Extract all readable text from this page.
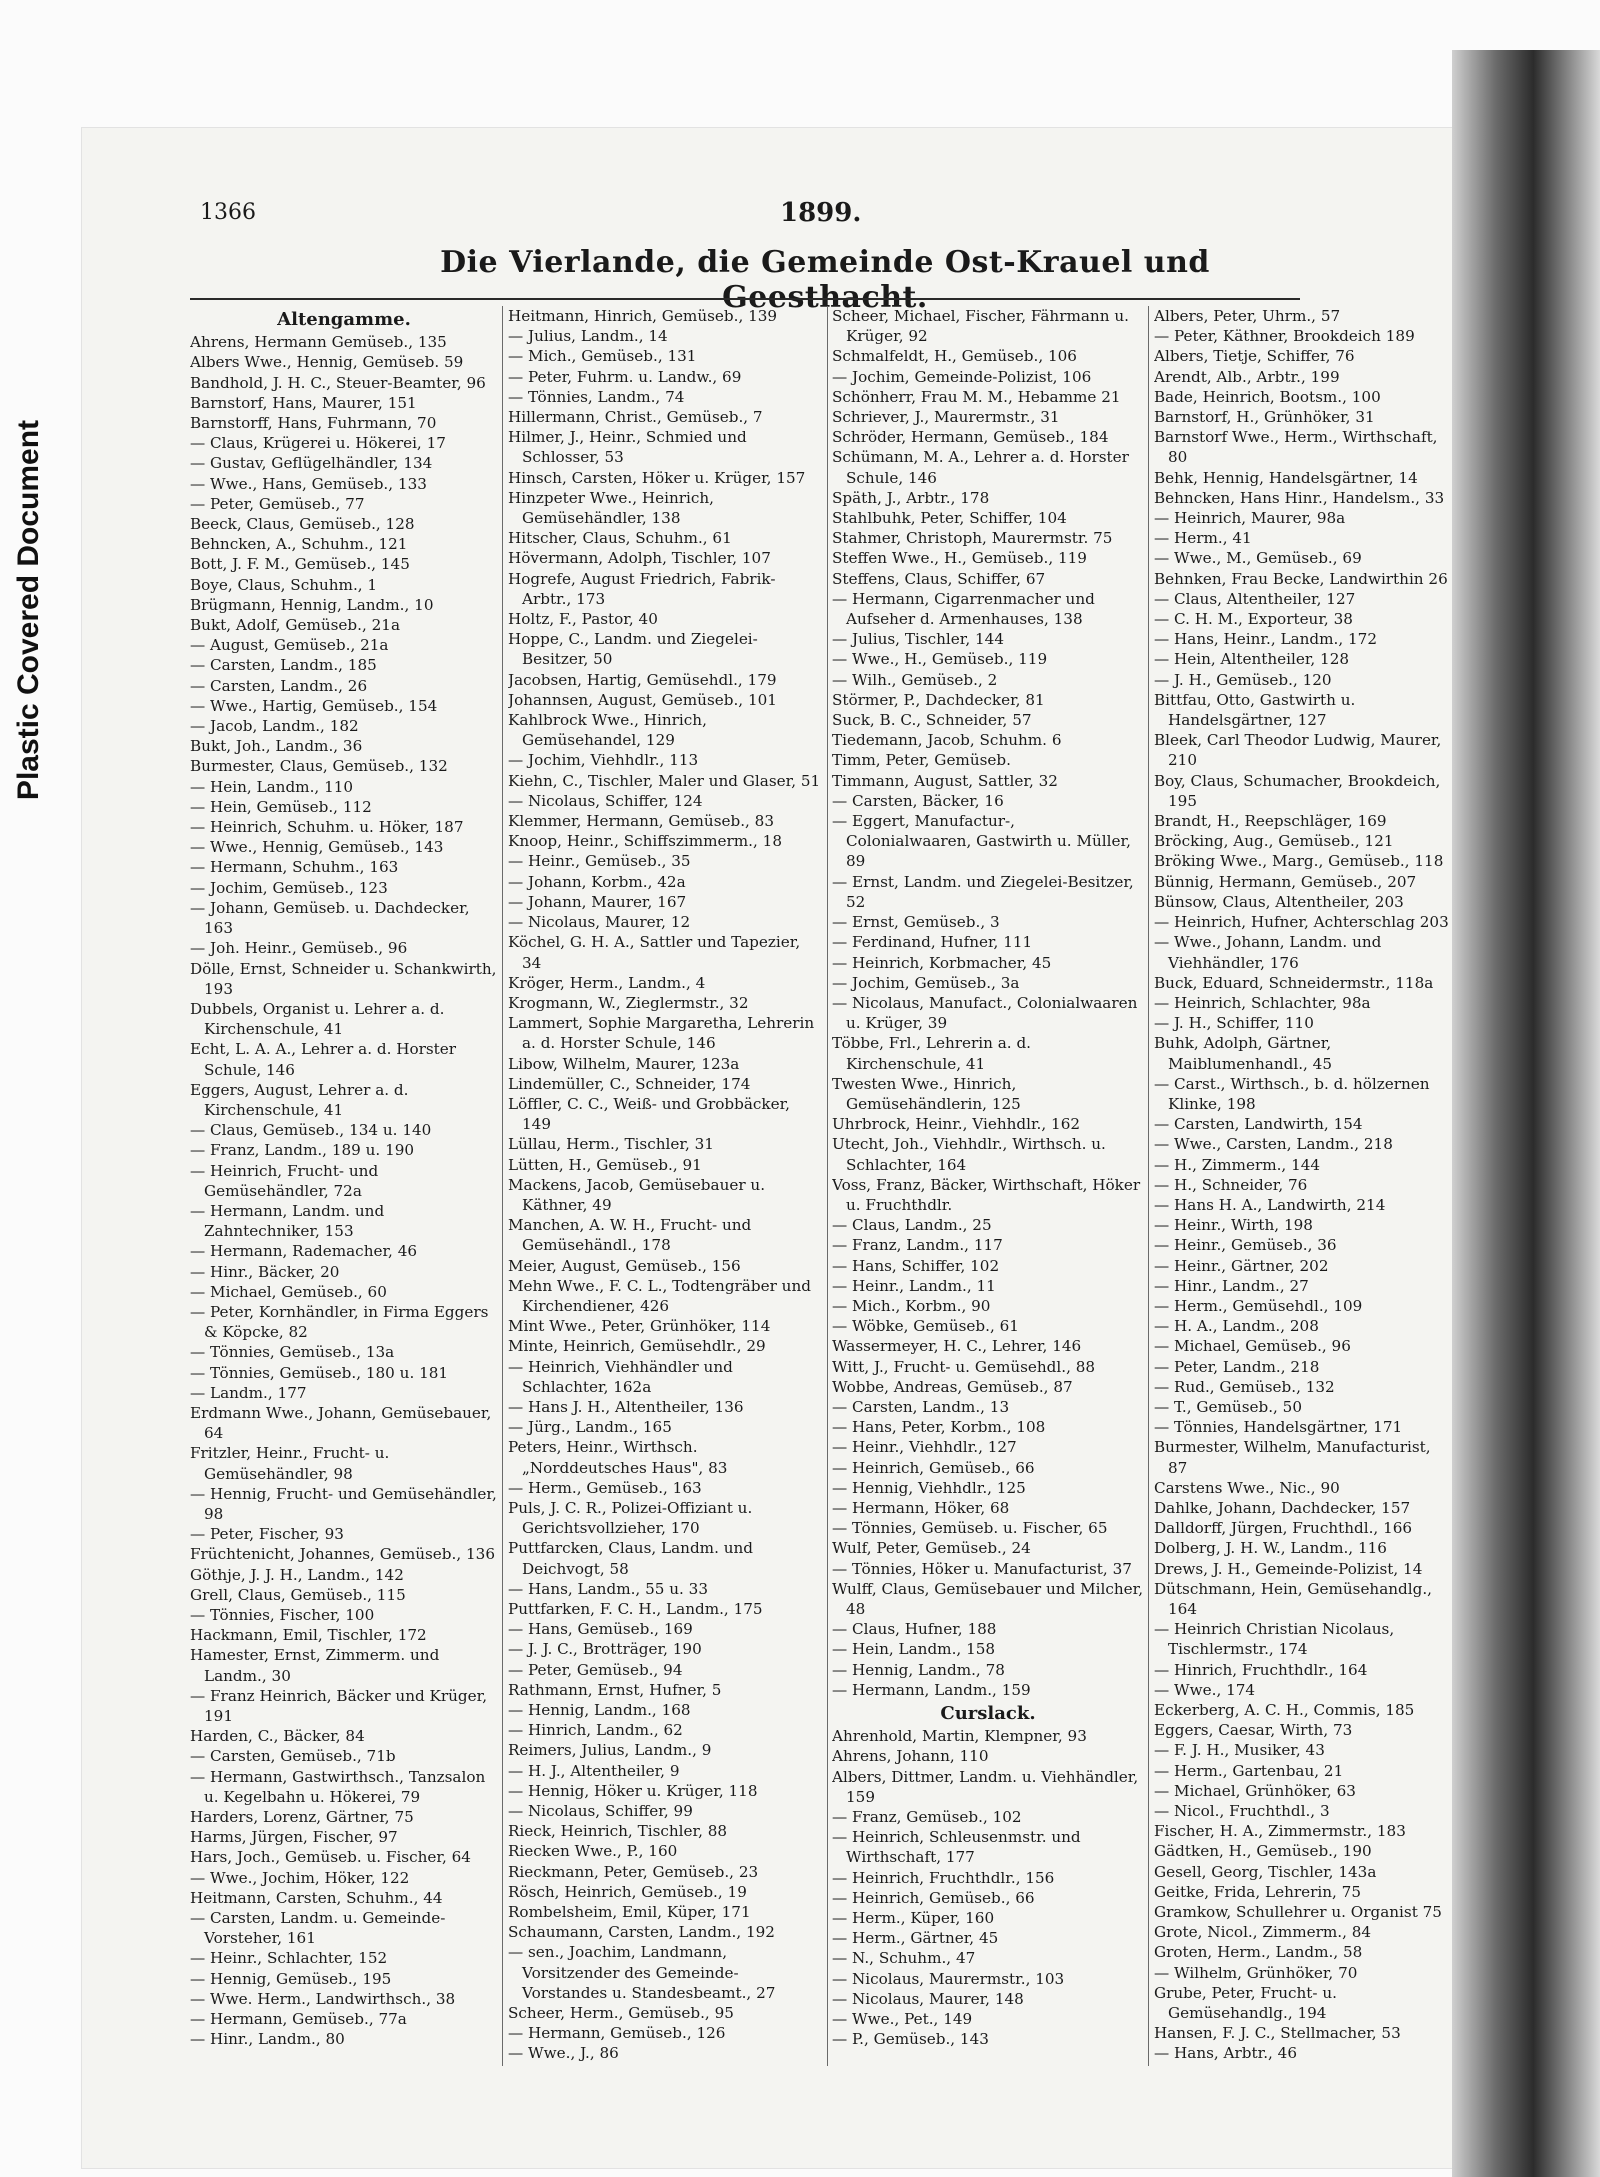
Plastic Covered Document
1366	1899.
Die Vierlande, die Gemeinde Ost-Krauel und Geesthacht.
Altengamme.
Ahrens, Hermann Gemüseb., 135
Albers Wwe., Hennig, Gemüseb. 59
Bandhold, J. H. C., Steuer-Beamter, 96
Barnstorf, Hans, Maurer, 151
Barnstorff, Hans, Fuhrmann, 70
— Claus, Krügerei u. Hökerei, 17
— Gustav, Geflügelhändler, 134
— Wwe., Hans, Gemüseb., 133
— Peter, Gemüseb., 77
Beeck, Claus, Gemüseb., 128
Behncken, A., Schuhm., 121
Bott, J. F. M., Gemüseb., 145
Boye, Claus, Schuhm., 1
Brügmann, Hennig, Landm., 10
Bukt, Adolf, Gemüseb., 21a
— August, Gemüseb., 21a
— Carsten, Landm., 185
— Carsten, Landm., 26
— Wwe., Hartig, Gemüseb., 154
— Jacob, Landm., 182
Bukt, Joh., Landm., 36
Burmester, Claus, Gemüseb., 132
— Hein, Landm., 110
— Hein, Gemüseb., 112
— Heinrich, Schuhm. u. Höker, 187
— Wwe., Hennig, Gemüseb., 143
— Hermann, Schuhm., 163
— Jochim, Gemüseb., 123
— Johann, Gemüseb. u. Dachdecker, 163
— Joh. Heinr., Gemüseb., 96
Dölle, Ernst, Schneider u. Schankwirth, 193
Dubbels, Organist u. Lehrer a. d. Kirchenschule, 41
Echt, L. A. A., Lehrer a. d. Horster Schule, 146
Eggers, August, Lehrer a. d. Kirchenschule, 41
— Claus, Gemüseb., 134 u. 140
— Franz, Landm., 189 u. 190
— Heinrich, Frucht- und Gemüsehändler, 72a
— Hermann, Landm. und Zahntechniker, 153
— Hermann, Rademacher, 46
— Hinr., Bäcker, 20
— Michael, Gemüseb., 60
— Peter, Kornhändler, in Firma Eggers & Köpcke, 82
— Tönnies, Gemüseb., 13a
— Tönnies, Gemüseb., 180 u. 181
— Landm., 177
Erdmann Wwe., Johann, Gemüsebauer, 64
Fritzler, Heinr., Frucht- u. Gemüsehändler, 98
— Hennig, Frucht- und Gemüsehändler, 98
— Peter, Fischer, 93
Früchtenicht, Johannes, Gemüseb., 136
Göthje, J. J. H., Landm., 142
Grell, Claus, Gemüseb., 115
— Tönnies, Fischer, 100
Hackmann, Emil, Tischler, 172
Hamester, Ernst, Zimmerm. und Landm., 30
— Franz Heinrich, Bäcker und Krüger, 191
Harden, C., Bäcker, 84
— Carsten, Gemüseb., 71b
— Hermann, Gastwirthsch., Tanzsalon u. Kegelbahn u. Hökerei, 79
Harders, Lorenz, Gärtner, 75
Harms, Jürgen, Fischer, 97
Hars, Joch., Gemüseb. u. Fischer, 64
— Wwe., Jochim, Höker, 122
Heitmann, Carsten, Schuhm., 44
— Carsten, Landm. u. Gemeinde-Vorsteher, 161
— Heinr., Schlachter, 152
— Hennig, Gemüseb., 195
— Wwe. Herm., Landwirthsch., 38
— Hermann, Gemüseb., 77a
— Hinr., Landm., 80
Heitmann, Hinrich, Gemüseb., 139
— Julius, Landm., 14
— Mich., Gemüseb., 131
— Peter, Fuhrm. u. Landw., 69
— Tönnies, Landm., 74
Hillermann, Christ., Gemüseb., 7
Hilmer, J., Heinr., Schmied und Schlosser, 53
Hinsch, Carsten, Höker u. Krüger, 157
Hinzpeter Wwe., Heinrich, Gemüsehändler, 138
Hitscher, Claus, Schuhm., 61
Hövermann, Adolph, Tischler, 107
Hogrefe, August Friedrich, Fabrik-Arbtr., 173
Holtz, F., Pastor, 40
Hoppe, C., Landm. und Ziegelei-Besitzer, 50
Jacobsen, Hartig, Gemüsehdl., 179
Johannsen, August, Gemüseb., 101
Kahlbrock Wwe., Hinrich, Gemüsehandel, 129
— Jochim, Viehhdlr., 113
Kiehn, C., Tischler, Maler und Glaser, 51
— Nicolaus, Schiffer, 124
Klemmer, Hermann, Gemüseb., 83
Knoop, Heinr., Schiffszimmerm., 18
— Heinr., Gemüseb., 35
— Johann, Korbm., 42a
— Johann, Maurer, 167
— Nicolaus, Maurer, 12
Köchel, G. H. A., Sattler und Tapezier, 34
Kröger, Herm., Landm., 4
Krogmann, W., Zieglermstr., 32
Lammert, Sophie Margaretha, Lehrerin a. d. Horster Schule, 146
Libow, Wilhelm, Maurer, 123a
Lindemüller, C., Schneider, 174
Löffler, C. C., Weiß- und Grobbäcker, 149
Lüllau, Herm., Tischler, 31
Lütten, H., Gemüseb., 91
Mackens, Jacob, Gemüsebauer u. Käthner, 49
Manchen, A. W. H., Frucht- und Gemüsehändl., 178
Meier, August, Gemüseb., 156
Mehn Wwe., F. C. L., Todtengräber und Kirchendiener, 426
Mint Wwe., Peter, Grünhöker, 114
Minte, Heinrich, Gemüsehdlr., 29
— Heinrich, Viehhändler und Schlachter, 162a
— Hans J. H., Altentheiler, 136
— Jürg., Landm., 165
Peters, Heinr., Wirthsch. „Norddeutsches Haus", 83
— Herm., Gemüseb., 163
Puls, J. C. R., Polizei-Offiziant u. Gerichtsvollzieher, 170
Puttfarcken, Claus, Landm. und Deichvogt, 58
— Hans, Landm., 55 u. 33
Puttfarken, F. C. H., Landm., 175
— Hans, Gemüseb., 169
— J. J. C., Brotträger, 190
— Peter, Gemüseb., 94
Rathmann, Ernst, Hufner, 5
— Hennig, Landm., 168
— Hinrich, Landm., 62
Reimers, Julius, Landm., 9
— H. J., Altentheiler, 9
— Hennig, Höker u. Krüger, 118
— Nicolaus, Schiffer, 99
Rieck, Heinrich, Tischler, 88
Riecken Wwe., P., 160
Rieckmann, Peter, Gemüseb., 23
Rösch, Heinrich, Gemüseb., 19
Rombelsheim, Emil, Küper, 171
Schaumann, Carsten, Landm., 192
— sen., Joachim, Landmann, Vorsitzender des Gemeinde-Vorstandes u. Standesbeamt., 27
Scheer, Herm., Gemüseb., 95
— Hermann, Gemüseb., 126
— Wwe., J., 86
Scheer, Michael, Fischer, Fährmann u. Krüger, 92
Schmalfeldt, H., Gemüseb., 106
— Jochim, Gemeinde-Polizist, 106
Schönherr, Frau M. M., Hebamme 21
Schriever, J., Maurermstr., 31
Schröder, Hermann, Gemüseb., 184
Schümann, M. A., Lehrer a. d. Horster Schule, 146
Späth, J., Arbtr., 178
Stahlbuhk, Peter, Schiffer, 104
Stahmer, Christoph, Maurermstr. 75
Steffen Wwe., H., Gemüseb., 119
Steffens, Claus, Schiffer, 67
— Hermann, Cigarrenmacher und Aufseher d. Armenhauses, 138
— Julius, Tischler, 144
— Wwe., H., Gemüseb., 119
— Wilh., Gemüseb., 2
Störmer, P., Dachdecker, 81
Suck, B. C., Schneider, 57
Tiedemann, Jacob, Schuhm. 6
Timm, Peter, Gemüseb.
Timmann, August, Sattler, 32
— Carsten, Bäcker, 16
— Eggert, Manufactur-, Colonialwaaren, Gastwirth u. Müller, 89
— Ernst, Landm. und Ziegelei-Besitzer, 52
— Ernst, Gemüseb., 3
— Ferdinand, Hufner, 111
— Heinrich, Korbmacher, 45
— Jochim, Gemüseb., 3a
— Nicolaus, Manufact., Colonialwaaren u. Krüger, 39
Többe, Frl., Lehrerin a. d. Kirchenschule, 41
Twesten Wwe., Hinrich, Gemüsehändlerin, 125
Uhrbrock, Heinr., Viehhdlr., 162
Utecht, Joh., Viehhdlr., Wirthsch. u. Schlachter, 164
Voss, Franz, Bäcker, Wirthschaft, Höker u. Fruchthdlr.
— Claus, Landm., 25
— Franz, Landm., 117
— Hans, Schiffer, 102
— Heinr., Landm., 11
— Mich., Korbm., 90
— Wöbke, Gemüseb., 61
Wassermeyer, H. C., Lehrer, 146
Witt, J., Frucht- u. Gemüsehdl., 88
Wobbe, Andreas, Gemüseb., 87
— Carsten, Landm., 13
— Hans, Peter, Korbm., 108
— Heinr., Viehhdlr., 127
— Heinrich, Gemüseb., 66
— Hennig, Viehhdlr., 125
— Hermann, Höker, 68
— Tönnies, Gemüseb. u. Fischer, 65
Wulf, Peter, Gemüseb., 24
— Tönnies, Höker u. Manufacturist, 37
Wulff, Claus, Gemüsebauer und Milcher, 48
— Claus, Hufner, 188
— Hein, Landm., 158
— Hennig, Landm., 78
— Hermann, Landm., 159
Curslack.
Ahrenhold, Martin, Klempner, 93
Ahrens, Johann, 110
Albers, Dittmer, Landm. u. Viehhändler, 159
— Franz, Gemüseb., 102
— Heinrich, Schleusenmstr. und Wirthschaft, 177
— Heinrich, Fruchthdlr., 156
— Heinrich, Gemüseb., 66
— Herm., Küper, 160
— Herm., Gärtner, 45
— N., Schuhm., 47
— Nicolaus, Maurermstr., 103
— Nicolaus, Maurer, 148
— Wwe., Pet., 149
— P., Gemüseb., 143
Albers, Peter, Uhrm., 57
— Peter, Käthner, Brookdeich 189
Albers, Tietje, Schiffer, 76
Arendt, Alb., Arbtr., 199
Bade, Heinrich, Bootsm., 100
Barnstorf, H., Grünhöker, 31
Barnstorf Wwe., Herm., Wirthschaft, 80
Behk, Hennig, Handelsgärtner, 14
Behncken, Hans Hinr., Handelsm., 33
— Heinrich, Maurer, 98a
— Herm., 41
— Wwe., M., Gemüseb., 69
Behnken, Frau Becke, Landwirthin 26
— Claus, Altentheiler, 127
— C. H. M., Exporteur, 38
— Hans, Heinr., Landm., 172
— Hein, Altentheiler, 128
— J. H., Gemüseb., 120
Bittfau, Otto, Gastwirth u. Handelsgärtner, 127
Bleek, Carl Theodor Ludwig, Maurer, 210
Boy, Claus, Schumacher, Brookdeich, 195
Brandt, H., Reepschläger, 169
Bröcking, Aug., Gemüseb., 121
Bröking Wwe., Marg., Gemüseb., 118
Bünnig, Hermann, Gemüseb., 207
Bünsow, Claus, Altentheiler, 203
— Heinrich, Hufner, Achterschlag 203
— Wwe., Johann, Landm. und Viehhändler, 176
Buck, Eduard, Schneidermstr., 118a
— Heinrich, Schlachter, 98a
— J. H., Schiffer, 110
Buhk, Adolph, Gärtner, Maiblumenhandl., 45
— Carst., Wirthsch., b. d. hölzernen Klinke, 198
— Carsten, Landwirth, 154
— Wwe., Carsten, Landm., 218
— H., Zimmerm., 144
— H., Schneider, 76
— Hans H. A., Landwirth, 214
— Heinr., Wirth, 198
— Heinr., Gemüseb., 36
— Heinr., Gärtner, 202
— Hinr., Landm., 27
— Herm., Gemüsehdl., 109
— H. A., Landm., 208
— Michael, Gemüseb., 96
— Peter, Landm., 218
— Rud., Gemüseb., 132
— T., Gemüseb., 50
— Tönnies, Handelsgärtner, 171
Burmester, Wilhelm, Manufacturist, 87
Carstens Wwe., Nic., 90
Dahlke, Johann, Dachdecker, 157
Dalldorff, Jürgen, Fruchthdl., 166
Dolberg, J. H. W., Landm., 116
Drews, J. H., Gemeinde-Polizist, 14
Dütschmann, Hein, Gemüsehandlg., 164
— Heinrich Christian Nicolaus, Tischlermstr., 174
— Hinrich, Fruchthdlr., 164
— Wwe., 174
Eckerberg, A. C. H., Commis, 185
Eggers, Caesar, Wirth, 73
— F. J. H., Musiker, 43
— Herm., Gartenbau, 21
— Michael, Grünhöker, 63
— Nicol., Fruchthdl., 3
Fischer, H. A., Zimmermstr., 183
Gädtken, H., Gemüseb., 190
Gesell, Georg, Tischler, 143a
Geitke, Frida, Lehrerin, 75
Gramkow, Schullehrer u. Organist 75
Grote, Nicol., Zimmerm., 84
Groten, Herm., Landm., 58
— Wilhelm, Grünhöker, 70
Grube, Peter, Frucht- u. Gemüsehandlg., 194
Hansen, F. J. C., Stellmacher, 53
— Hans, Arbtr., 46
